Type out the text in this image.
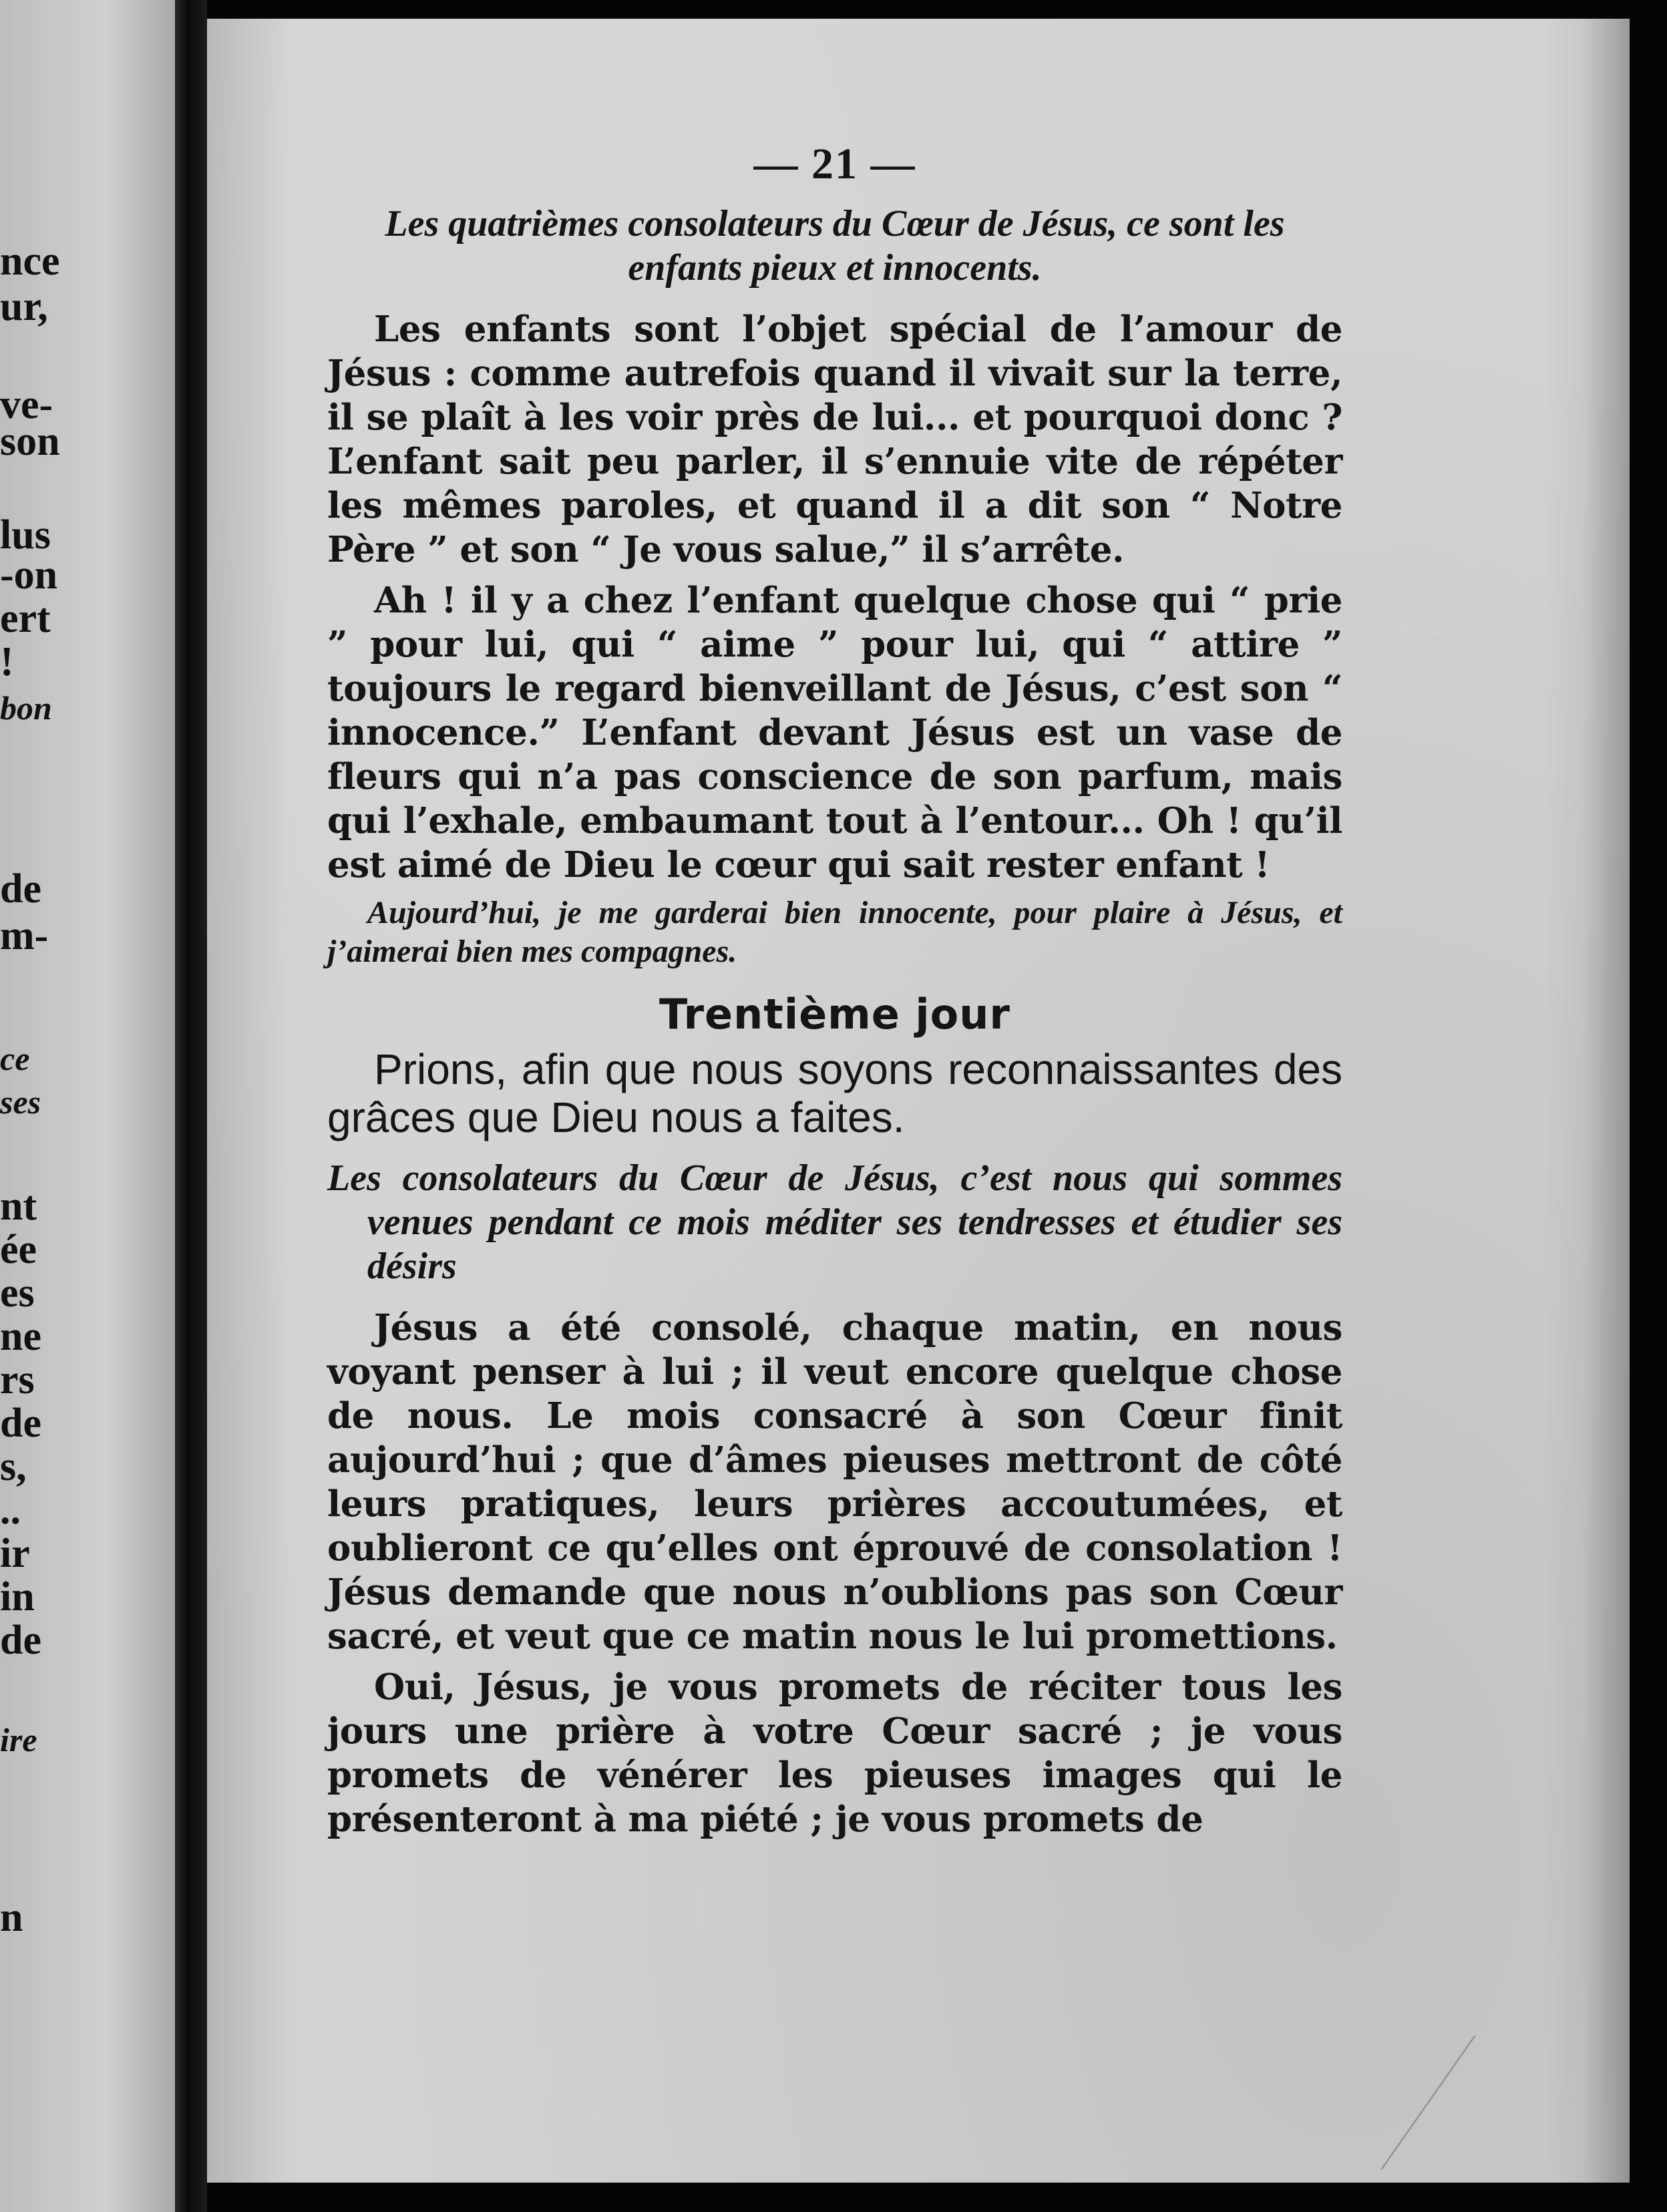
nce
ur,
ve-
son
lus
-on
ert
!
bon
de
m-
ce
ses
nt
ée
es
ne
rs
de
s,
..
ir
in
de
ire
n
— 21 —
Les quatrièmes consolateurs du Cœur de Jésus, ce sont les enfants pieux et innocents.

Les enfants sont l’objet spécial de l’amour de Jésus : comme autrefois quand il vivait sur la terre, il se plaît à les voir près de lui... et pourquoi donc ? L’enfant sait peu parler, il s’ennuie vite de répéter les mêmes paroles, et quand il a dit son “ Notre Père ” et son “ Je vous salue,” il s’arrête.

Ah ! il y a chez l’enfant quelque chose qui “ prie ” pour lui, qui “ aime ” pour lui, qui “ attire ” toujours le regard bienveillant de Jésus, c’est son “ innocence.” L’enfant devant Jésus est un vase de fleurs qui n’a pas conscience de son parfum, mais qui l’exhale, embaumant tout à l’entour... Oh ! qu’il est aimé de Dieu le cœur qui sait rester enfant !

Aujourd’hui, je me garderai bien innocente, pour plaire à Jésus, et j’aimerai bien mes compagnes.

Trentième jour

Prions, afin que nous soyons reconnaissantes des grâces que Dieu nous a faites.

Les consolateurs du Cœur de Jésus, c’est nous qui sommes venues pendant ce mois méditer ses tendresses et étudier ses désirs

Jésus a été consolé, chaque matin, en nous voyant penser à lui ; il veut encore quelque chose de nous. Le mois consacré à son Cœur finit aujourd’hui ; que d’âmes pieuses mettront de côté leurs pratiques, leurs prières accoutumées, et oublieront ce qu’elles ont éprouvé de consolation ! Jésus demande que nous n’oublions pas son Cœur sacré, et veut que ce matin nous le lui promettions.

Oui, Jésus, je vous promets de réciter tous les jours une prière à votre Cœur sacré ; je vous promets de vénérer les pieuses images qui le présenteront à ma piété ; je vous promets de
